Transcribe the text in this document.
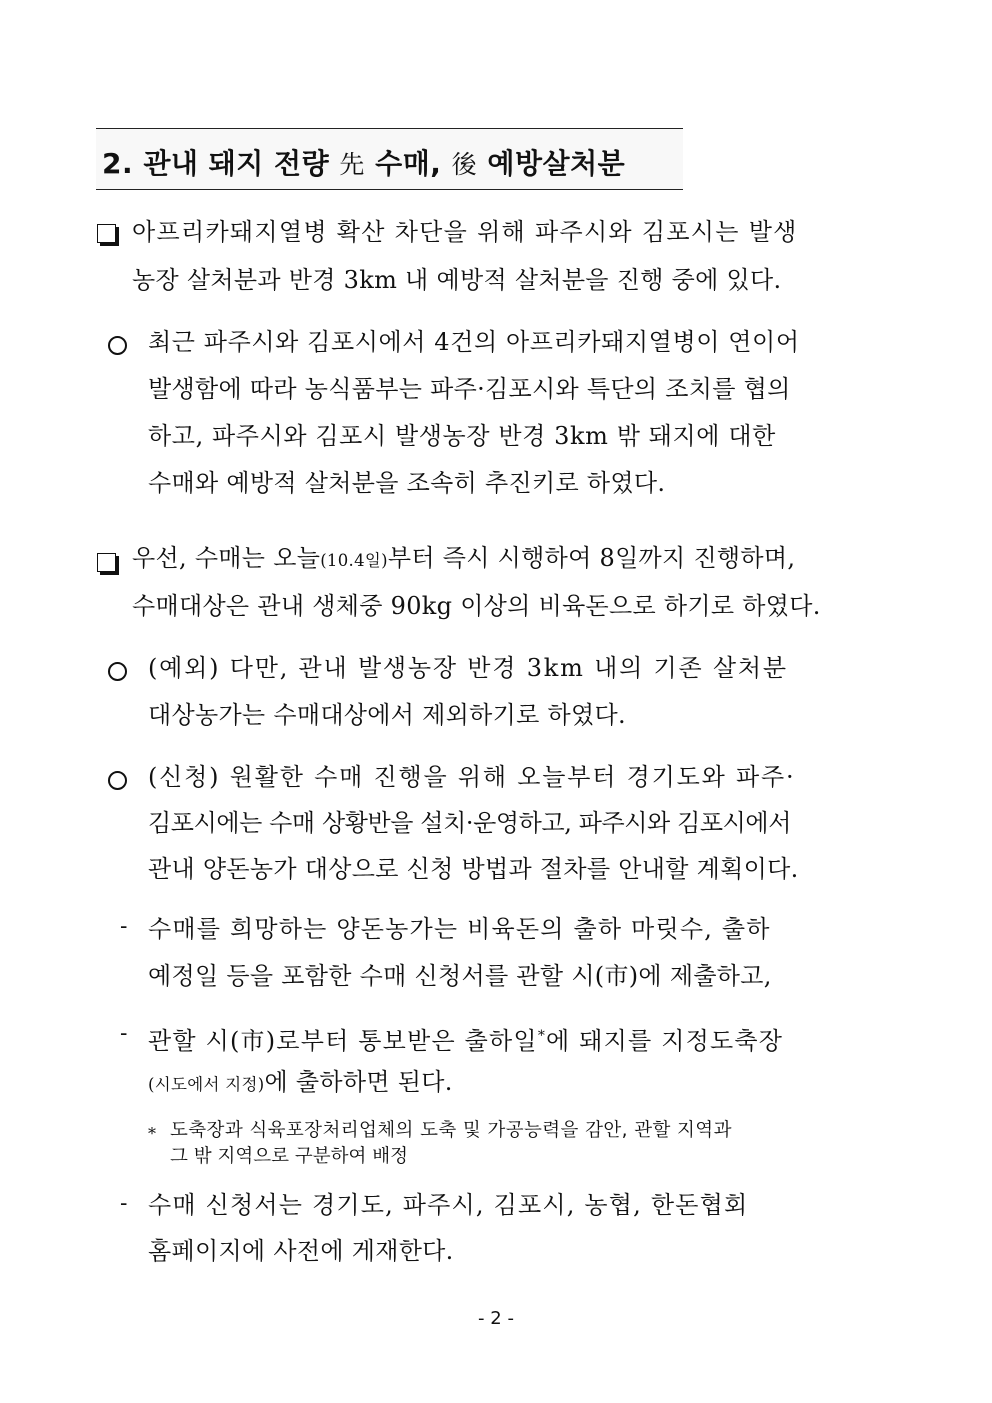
2. 관내 돼지 전량 先 수매, 後 예방살처분
아프리카돼지열병 확산 차단을 위해 파주시와 김포시는 발생
농장 살처분과 반경 3km 내 예방적 살처분을 진행 중에 있다.
최근 파주시와 김포시에서 4건의 아프리카돼지열병이 연이어
발생함에 따라 농식품부는 파주·김포시와 특단의 조치를 협의
하고, 파주시와 김포시 발생농장 반경 3km 밖 돼지에 대한
수매와 예방적 살처분을 조속히 추진키로 하였다.
우선, 수매는 오늘(10.4일)부터 즉시 시행하여 8일까지 진행하며,
수매대상은 관내 생체중 90kg 이상의 비육돈으로 하기로 하였다.
(예외) 다만, 관내 발생농장 반경 3km 내의 기존 살처분
대상농가는 수매대상에서 제외하기로 하였다.
(신청) 원활한 수매 진행을 위해 오늘부터 경기도와 파주·
김포시에는 수매 상황반을 설치·운영하고, 파주시와 김포시에서
관내 양돈농가 대상으로 신청 방법과 절차를 안내할 계획이다.
- 수매를 희망하는 양돈농가는 비육돈의 출하 마릿수, 출하
예정일 등을 포함한 수매 신청서를 관할 시(市)에 제출하고,
- 관할 시(市)로부터 통보받은 출하일*에 돼지를 지정도축장
(시도에서 지정)에 출하하면 된다.
* 도축장과 식육포장처리업체의 도축 및 가공능력을 감안, 관할 지역과
그 밖 지역으로 구분하여 배정
- 수매 신청서는 경기도, 파주시, 김포시, 농협, 한돈협회
홈페이지에 사전에 게재한다.
- 2 -
